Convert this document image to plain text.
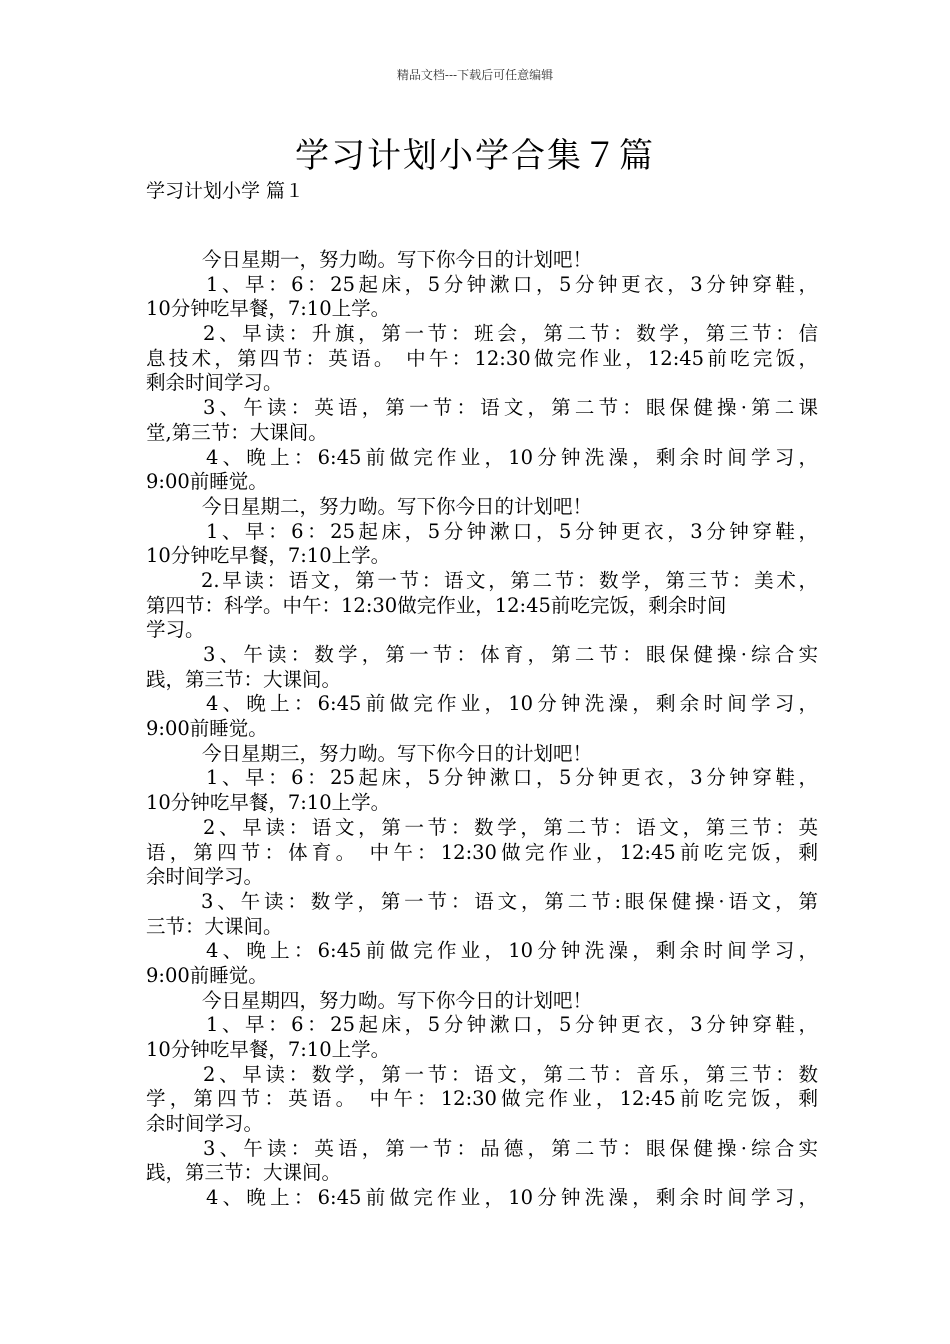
精品文档---下载后可任意编辑
学习计划小学合集７篇
学习计划小学 篇１
今日星期一，努力呦。写下你今日的计划吧！
1、早：6：25起床，5分钟漱口，5分钟更衣，3分钟穿鞋，
10分钟吃早餐，7:10上学。
2、早读：升旗，第一节：班会，第二节：数学，第三节：信
息技术，第四节：英语。 中午：12:30做完作业，12:45前吃完饭，
剩余时间学习。
3、午读：英语，第一节：语文，第二节：眼保健操·第二课
堂,第三节：大课间。
4、晚上：6:45前做完作业，10分钟洗澡，剩余时间学习，
9:00前睡觉。
今日星期二，努力呦。写下你今日的计划吧！
1、早：6：25起床，5分钟漱口，5分钟更衣，3分钟穿鞋，
10分钟吃早餐，7:10上学。
2.早读：语文，第一节：语文，第二节：数学，第三节：美术，
第四节：科学。中午：12:30做完作业，12:45前吃完饭，剩余时间
学习。
3、午读：数学，第一节：体育，第二节：眼保健操·综合实
践，第三节：大课间。
4、晚上：6:45前做完作业，10分钟洗澡，剩余时间学习，
9:00前睡觉。
今日星期三，努力呦。写下你今日的计划吧！
1、早：6：25起床，5分钟漱口，5分钟更衣，3分钟穿鞋，
10分钟吃早餐，7:10上学。
2、早读：语文，第一节：数学，第二节：语文，第三节：英
语，第四节：体育。 中午：12:30做完作业，12:45前吃完饭，剩
余时间学习。
3、午读：数学，第一节：语文，第二节:眼保健操·语文，第
三节：大课间。
4、晚上：6:45前做完作业，10分钟洗澡，剩余时间学习，
9:00前睡觉。
今日星期四，努力呦。写下你今日的计划吧！
1、早：6：25起床，5分钟漱口，5分钟更衣，3分钟穿鞋，
10分钟吃早餐，7:10上学。
2、早读：数学，第一节：语文，第二节：音乐，第三节：数
学，第四节：英语。 中午：12:30做完作业，12:45前吃完饭，剩
余时间学习。
3、午读：英语，第一节：品德，第二节：眼保健操·综合实
践，第三节：大课间。
4、晚上：6:45前做完作业，10分钟洗澡，剩余时间学习，
